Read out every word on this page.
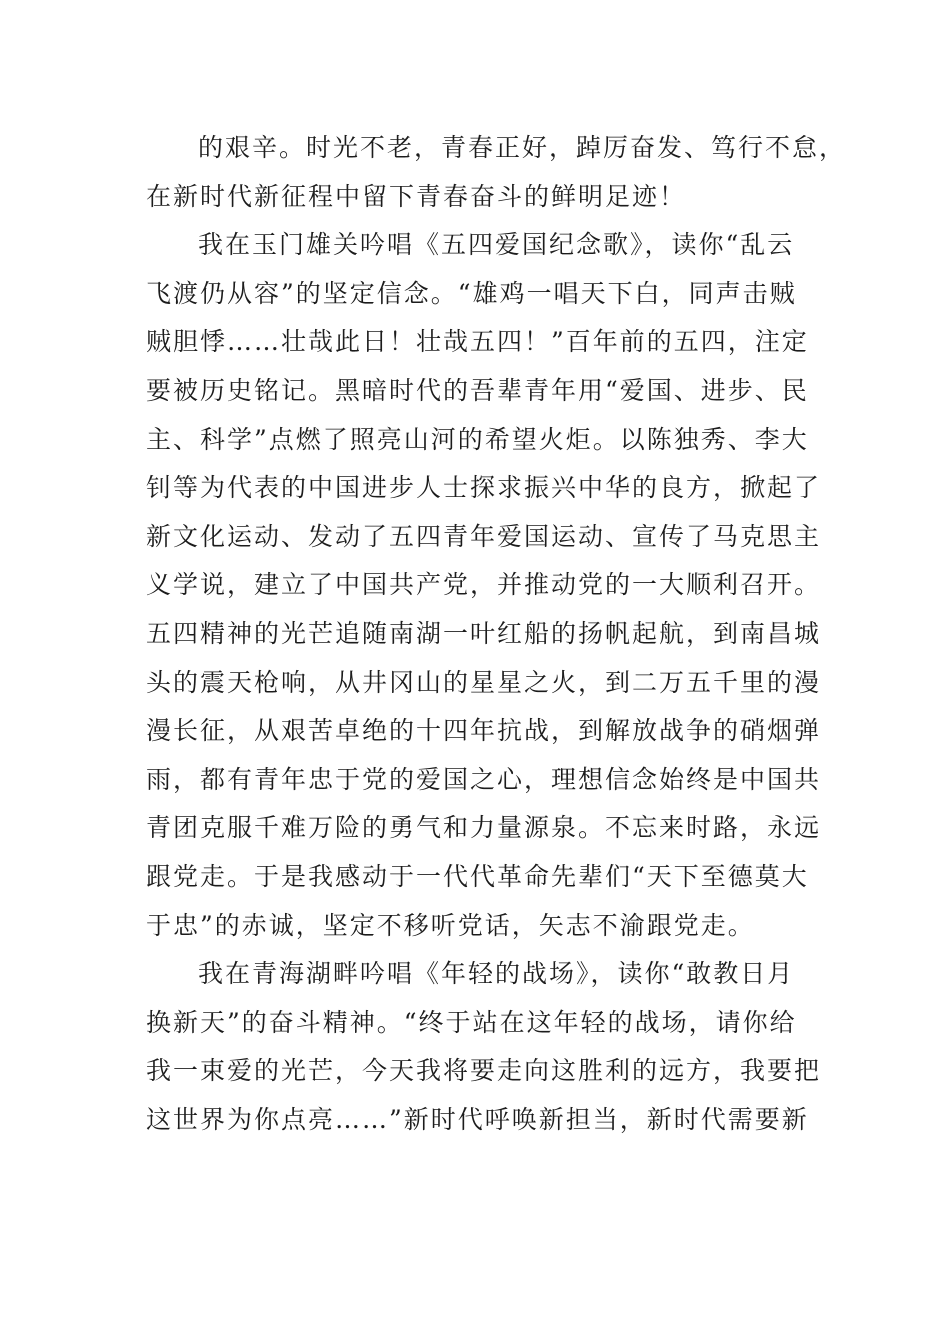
的艰辛。时光不老，青春正好，踔厉奋发、笃行不怠，
在新时代新征程中留下青春奋斗的鲜明足迹！
我在玉门雄关吟唱《五四爱国纪念歌》，读你“乱云
飞渡仍从容”的坚定信念。“雄鸡一唱天下白，同声击贼
贼胆悸……壮哉此日！壮哉五四！”百年前的五四，注定
要被历史铭记。黑暗时代的吾辈青年用“爱国、进步、民
主、科学”点燃了照亮山河的希望火炬。以陈独秀、李大
钊等为代表的中国进步人士探求振兴中华的良方，掀起了
新文化运动、发动了五四青年爱国运动、宣传了马克思主
义学说，建立了中国共产党，并推动党的一大顺利召开。
五四精神的光芒追随南湖一叶红船的扬帆起航，到南昌城
头的震天枪响，从井冈山的星星之火，到二万五千里的漫
漫长征，从艰苦卓绝的十四年抗战，到解放战争的硝烟弹
雨，都有青年忠于党的爱国之心，理想信念始终是中国共
青团克服千难万险的勇气和力量源泉。不忘来时路，永远
跟党走。于是我感动于一代代革命先辈们“天下至德莫大
于忠”的赤诚，坚定不移听党话，矢志不渝跟党走。
我在青海湖畔吟唱《年轻的战场》，读你“敢教日月
换新天”的奋斗精神。“终于站在这年轻的战场，请你给
我一束爱的光芒，今天我将要走向这胜利的远方，我要把
这世界为你点亮……”新时代呼唤新担当，新时代需要新
